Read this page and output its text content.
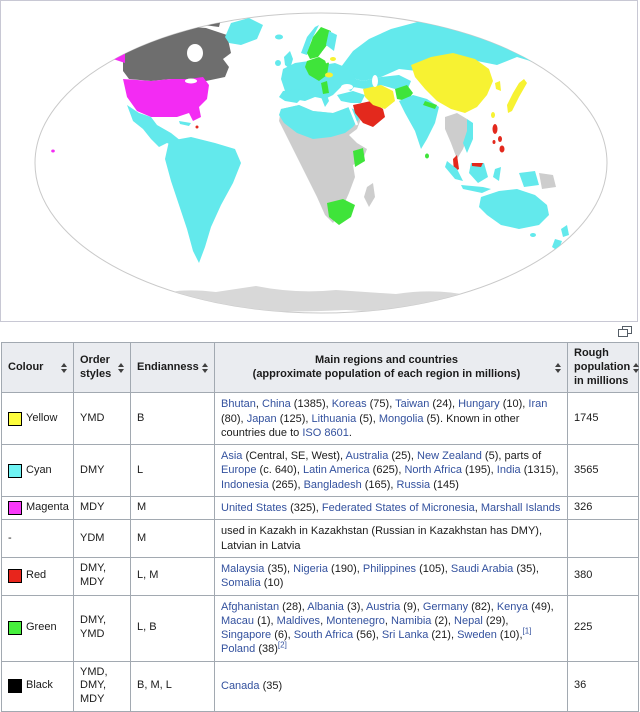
Colour	Order styles	Endianness	Main regions and countries
(approximate population of each region in millions)	Rough population in millions

Yellow	YMD	B	Bhutan, China (1385), Koreas (75), Taiwan (24), Hungary (10), Iran (80), Japan (125), Lithuania (5), Mongolia (5). Known in other countries due to ISO 8601.	1745

Cyan	DMY	L	Asia (Central, SE, West), Australia (25), New Zealand (5), parts of Europe (c. 640), Latin America (625), North Africa (195), India (1315), Indonesia (265), Bangladesh (165), Russia (145)	3565

Magenta	MDY	M	United States (325), Federated States of Micronesia, Marshall Islands	326
-	YDM	M	used in Kazakh in Kazakhstan (Russian in Kazakhstan has DMY), Latvian in Latvia	

Red	DMY, MDY	L, M	Malaysia (35), Nigeria (190), Philippines (105), Saudi Arabia (35), Somalia (10)	380

Green	DMY, YMD	L, B	Afghanistan (28), Albania (3), Austria (9), Germany (82), Kenya (49), Macau (1), Maldives, Montenegro, Namibia (2), Nepal (29), Singapore (6), South Africa (56), Sri Lanka (21), Sweden (10),[1] Poland (38)[2]	225

Black	YMD, DMY, MDY	B, M, L	Canada (35)	36
